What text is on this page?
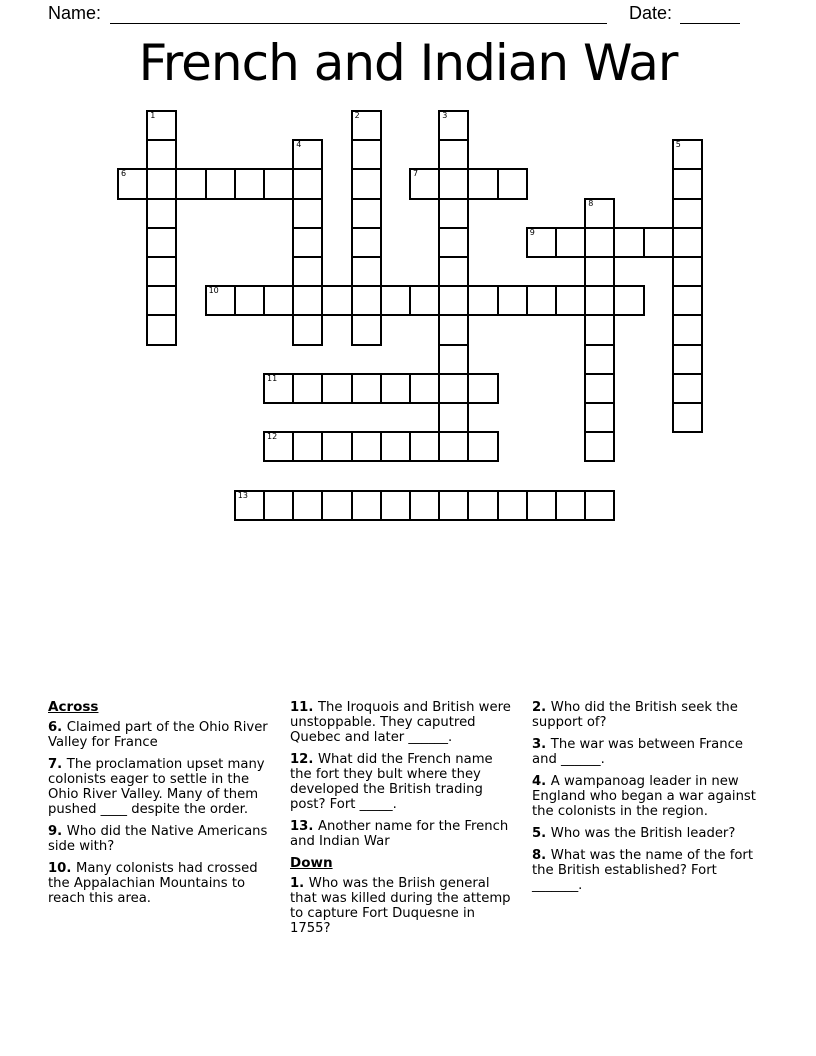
Name:	Date:
French and Indian War
1	2	3
4	5
6	7
8
9
10
11
12
13
Across
6. Claimed part of the Ohio River Valley for France
7. The proclamation upset many colonists eager to settle in the Ohio River Valley. Many of them pushed ____ despite the order.
9. Who did the Native Americans side with?
10. Many colonists had crossed the Appalachian Mountains to reach this area.
11. The Iroquois and British were unstoppable. They caputred Quebec and later ______.
12. What did the French name the fort they bult where they developed the British trading post? Fort _____.
13. Another name for the French and Indian War
Down
1. Who was the Briish general that was killed during the attemp to capture Fort Duquesne in 1755?
2. Who did the British seek the support of?
3. The war was between France and ______.
4. A wampanoag leader in new England who began a war against the colonists in the region.
5. Who was the British leader?
8. What was the name of the fort the British established? Fort _______.
